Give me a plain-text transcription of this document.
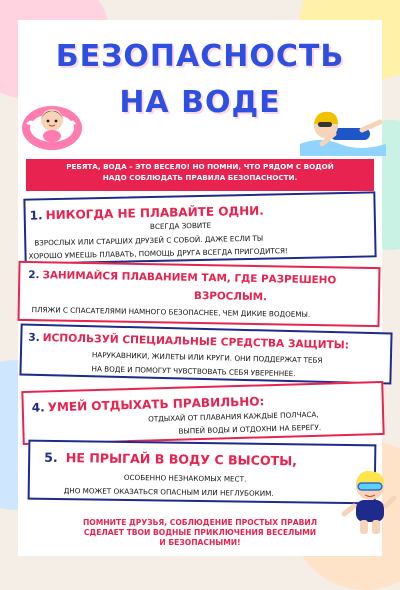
БЕЗОПАСНОСТЬ
НА ВОДЕ
РЕБЯТА, ВОДА – ЭТО ВЕСЕЛО! НО ПОМНИ, ЧТО РЯДОМ С ВОДОЙ
НАДО СОБЛЮДАТЬ ПРАВИЛА БЕЗОПАСНОСТИ.
1. НИКОГДА НЕ ПЛАВАЙТЕ ОДНИ.
ВСЕГДА ЗОВИТЕ
ВЗРОСЛЫХ ИЛИ СТАРШИХ ДРУЗЕЙ С СОБОЙ. ДАЖЕ ЕСЛИ ТЫ
ХОРОШО УМЕЕШЬ ПЛАВАТЬ, ПОМОЩЬ ДРУГА ВСЕГДА ПРИГОДИТСЯ!
2. ЗАНИМАЙСЯ ПЛАВАНИЕМ ТАМ, ГДЕ РАЗРЕШЕНО
ВЗРОСЛЫМ.
ПЛЯЖИ С СПАСАТЕЛЯМИ НАМНОГО БЕЗОПАСНЕЕ, ЧЕМ ДИКИЕ ВОДОЕМЫ.
3. ИСПОЛЬЗУЙ СПЕЦИАЛЬНЫЕ СРЕДСТВА ЗАЩИТЫ:
НАРУКАВНИКИ, ЖИЛЕТЫ ИЛИ КРУГИ. ОНИ ПОДДЕРЖАТ ТЕБЯ
НА ВОДЕ И ПОМОГУТ ЧУВСТВОВАТЬ СЕБЯ УВЕРЕННЕЕ.
4. УМЕЙ ОТДЫХАТЬ ПРАВИЛЬНО:
ОТДЫХАЙ ОТ ПЛАВАНИЯ КАЖДЫЕ ПОЛЧАСА,
ВЫПЕЙ ВОДЫ И ОТДОХНИ НА БЕРЕГУ.
5. НЕ ПРЫГАЙ В ВОДУ С ВЫСОТЫ,
ОСОБЕННО НЕЗНАКОМЫХ МЕСТ.
ДНО МОЖЕТ ОКАЗАТЬСЯ ОПАСНЫМ ИЛИ НЕГЛУБОКИМ.
ПОМНИТЕ ДРУЗЬЯ, СОБЛЮДЕНИЕ ПРОСТЫХ ПРАВИЛ
СДЕЛАЕТ ТВОИ ВОДНЫЕ ПРИКЛЮЧЕНИЯ ВЕСЕЛЫМИ
И БЕЗОПАСНЫМИ!
